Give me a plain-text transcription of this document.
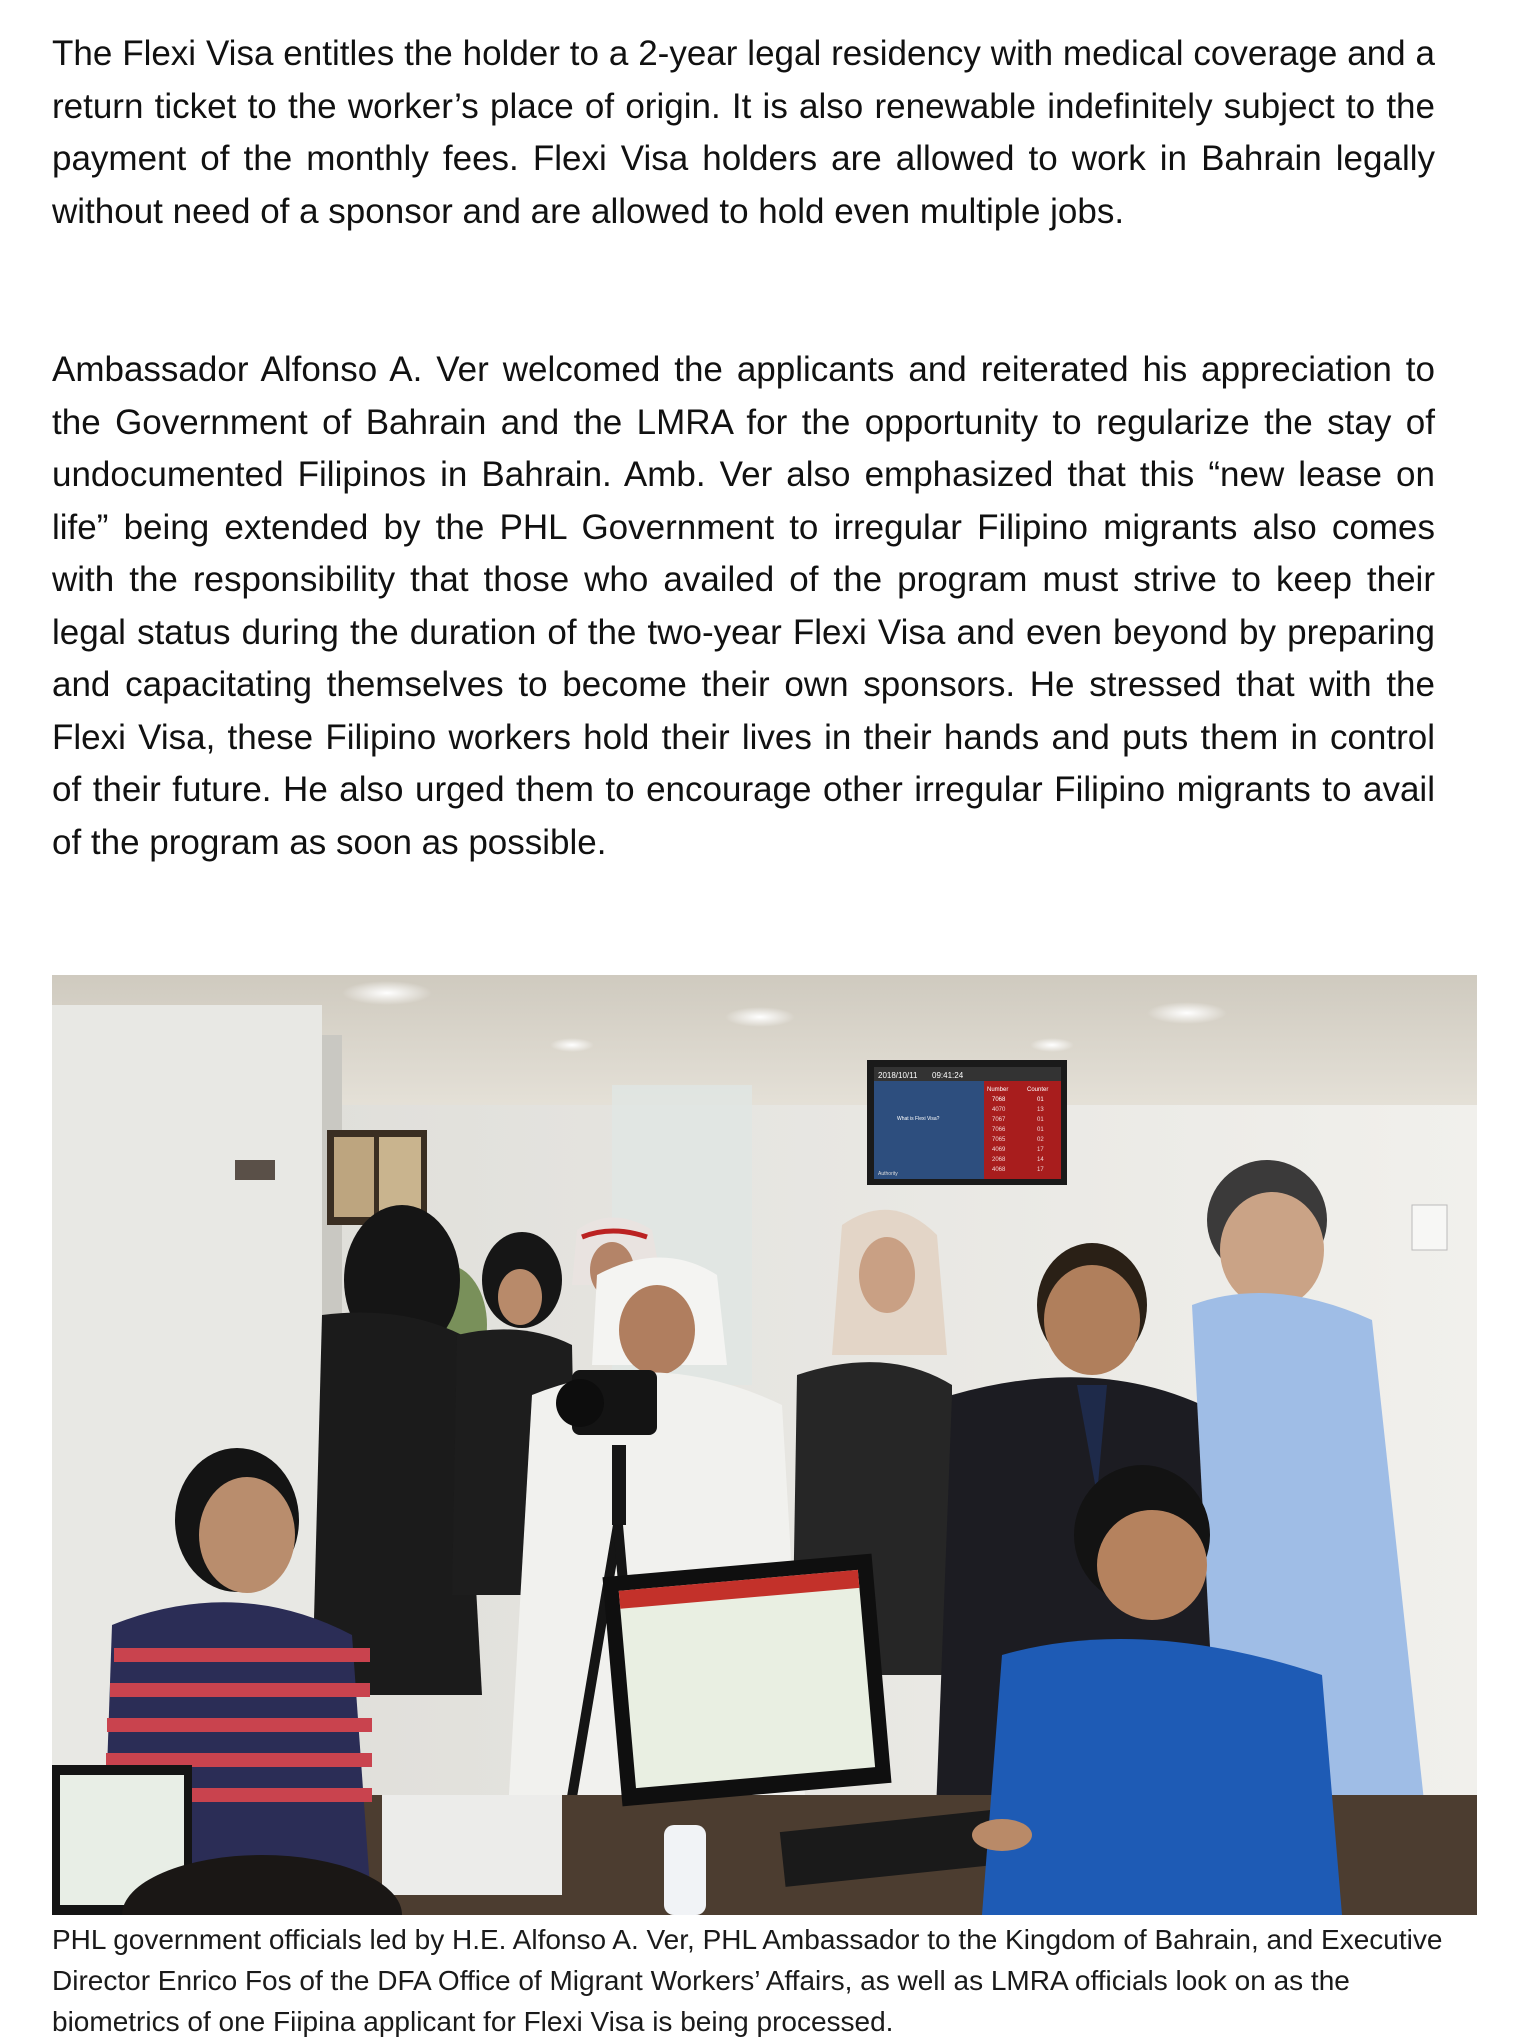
The Flexi Visa entitles the holder to a 2-year legal residency with medical coverage and a return ticket to the worker’s place of origin. It is also renewable indefinitely subject to the payment of the monthly fees. Flexi Visa holders are allowed to work in Bahrain legally without need of a sponsor and are allowed to hold even multiple jobs.

Ambassador Alfonso A. Ver welcomed the applicants and reiterated his appreciation to the Government of Bahrain and the LMRA for the opportunity to regularize the stay of undocumented Filipinos in Bahrain. Amb. Ver also emphasized that this “new lease on life” being extended by the PHL Government to irregular Filipino migrants also comes with the responsibility that those who availed of the program must strive to keep their legal status during the duration of the two-year Flexi Visa and even beyond by preparing and capacitating themselves to become their own sponsors. He stressed that with the Flexi Visa, these Filipino workers hold their lives in their hands and puts them in control of their future. He also urged them to encourage other irregular Filipino migrants to avail of the program as soon as possible.

2018/10/11 09:41:24
Number	Counter
What is Flexi Visa?
Authority
7068	01
4070	13
7067	01
7066	01
7065	02
4069	17
2068	14
4068	17

PHL government officials led by H.E. Alfonso A. Ver, PHL Ambassador to the Kingdom of Bahrain, and Executive Director Enrico Fos of the DFA Office of Migrant Workers’ Affairs, as well as LMRA officials look on as the biometrics of one Fiipina applicant for Flexi Visa is being processed.
